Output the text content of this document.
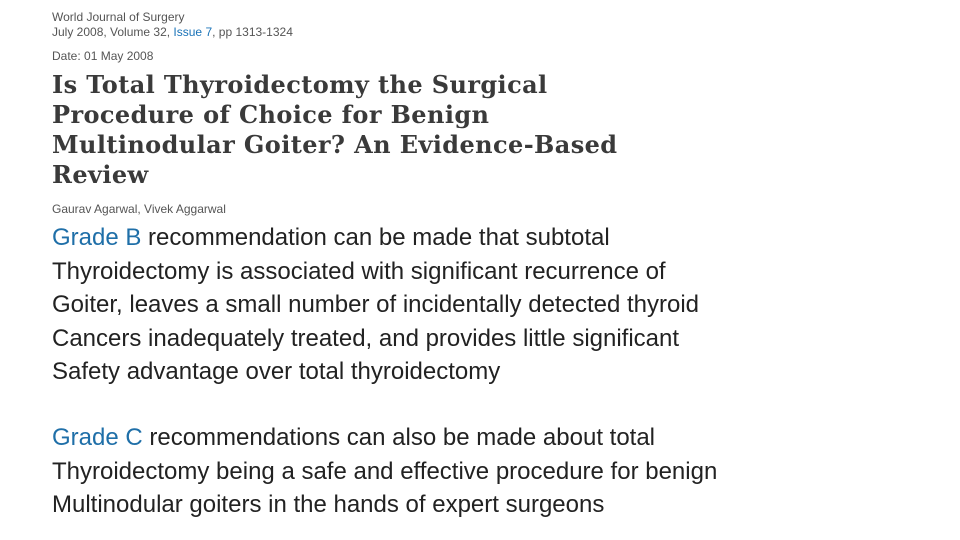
World Journal of Surgery

July 2008, Volume 32, Issue 7, pp 1313-1324

Date: 01 May 2008

Is Total Thyroidectomy the Surgical
Procedure of Choice for Benign
Multinodular Goiter? An Evidence-Based
Review

Gaurav Agarwal, Vivek Aggarwal

Grade B recommendation can be made that subtotal
Thyroidectomy is associated with significant recurrence of
Goiter, leaves a small number of incidentally detected thyroid
Cancers inadequately treated, and provides little significant
Safety advantage over total thyroidectomy
Grade C recommendations can also be made about total
Thyroidectomy being a safe and effective procedure for benign
Multinodular goiters in the hands of expert surgeons
